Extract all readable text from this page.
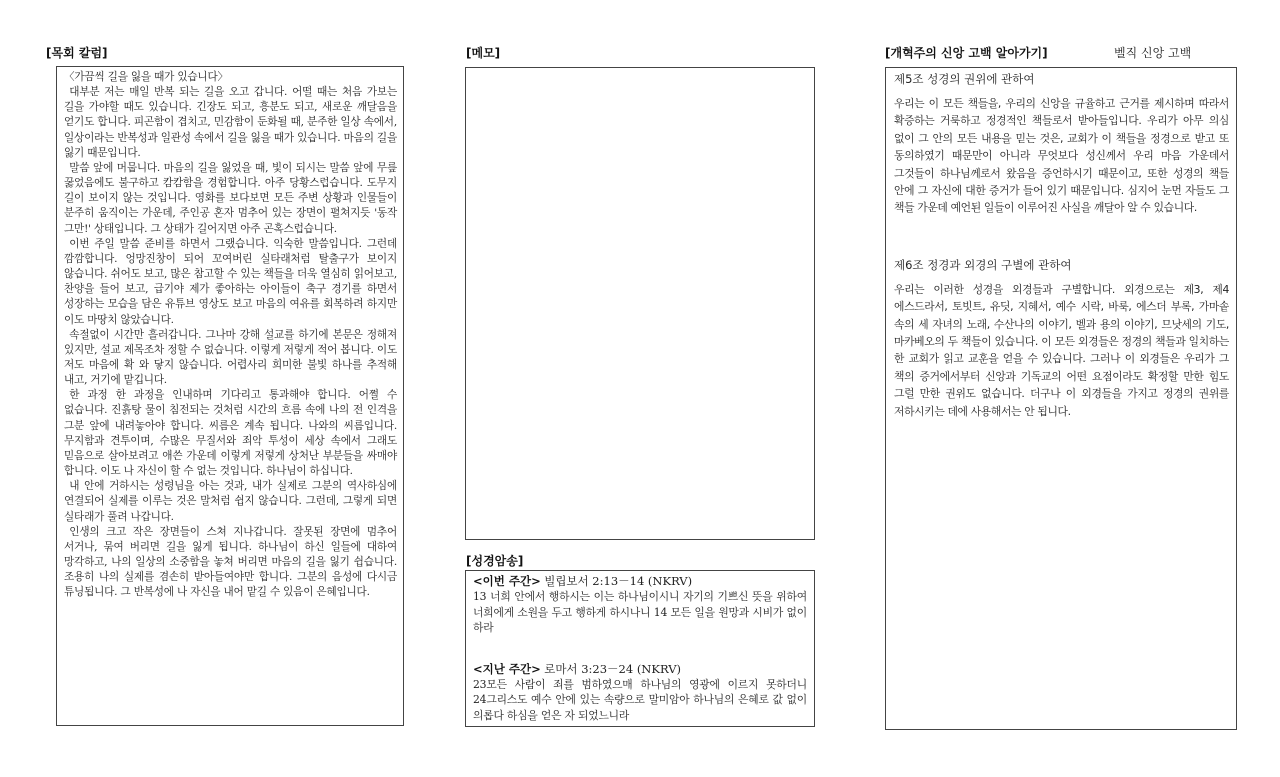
[목회 칼럼]

〈가끔씩 길을 잃을 때가 있습니다〉

대부분 저는 매일 반복 되는 길을 오고 갑니다. 어떨 때는 처음 가보는 길을 가야할 때도 있습니다. 긴장도 되고, 흥분도 되고, 새로운 깨달음을 얻기도 합니다. 피곤함이 겹치고, 민감함이 둔화될 때, 분주한 일상 속에서, 일상이라는 반복성과 일관성 속에서 길을 잃을 때가 있습니다. 마음의 길을 잃기 때문입니다.

말씀 앞에 머뭅니다. 마음의 길을 잃었을 때, 빛이 되시는 말씀 앞에 무릎 꿇었음에도 불구하고 캄캄함을 경험합니다. 아주 당황스럽습니다. 도무지 길이 보이지 않는 것입니다. 영화를 보다보면 모든 주변 상황과 인물들이 분주히 움직이는 가운데, 주인공 혼자 멈추어 있는 장면이 펼쳐지듯 '동작 그만!' 상태입니다. 그 상태가 길어지면 아주 곤혹스럽습니다.

이번 주일 말씀 준비를 하면서 그랬습니다. 익숙한 말씀입니다. 그런데 깜깜합니다. 엉망진창이 되어 꼬여버린 실타래처럼 탈출구가 보이지 않습니다. 쉬어도 보고, 많은 참고할 수 있는 책들을 더욱 열심히 읽어보고, 찬양을 들어 보고, 급기야 제가 좋아하는 아이들이 축구 경기를 하면서 성장하는 모습을 담은 유튜브 영상도 보고 마음의 여유를 회복하려 하지만 이도 마땅치 않았습니다.

속절없이 시간만 흘러갑니다. 그나마 강해 설교를 하기에 본문은 정해져 있지만, 설교 제목조차 정할 수 없습니다. 이렇게 저렇게 적어 봅니다. 이도 저도 마음에 확 와 닿지 않습니다. 어렵사리 희미한 불빛 하나를 추적해 내고, 거기에 맡깁니다.

한 과정 한 과정을 인내하며 기다리고 통과해야 합니다. 어쩔 수 없습니다. 진흙탕 물이 침전되는 것처럼 시간의 흐름 속에 나의 전 인격을 그분 앞에 내려놓아야 합니다. 씨름은 계속 됩니다. 나와의 씨름입니다. 무지함과 견투이며, 수많은 무질서와 죄악 투성이 세상 속에서 그래도 믿음으로 살아보려고 애쓴 가운데 이렇게 저렇게 상처난 부분들을 싸매야 합니다. 이도 나 자신이 할 수 없는 것입니다. 하나님이 하십니다.

내 안에 거하시는 성령님을 아는 것과, 내가 실제로 그분의 역사하심에 연결되어 실제를 이루는 것은 말처럼 쉽지 않습니다. 그런데, 그렇게 되면 실타래가 풀려 나갑니다.

인생의 크고 작은 장면들이 스쳐 지나갑니다. 잘못된 장면에 멈추어 서거나, 묶여 버리면 길을 잃게 됩니다. 하나님이 하신 일들에 대하여 망각하고, 나의 일상의 소중함을 놓쳐 버리면 마음의 길을 잃기 쉽습니다. 조용히 나의 실제를 겸손히 받아들여야만 합니다. 그분의 음성에 다시금 튜닝됩니다. 그 반복성에 나 자신을 내어 맡길 수 있음이 은혜입니다.

[메모]
[성경암송]
<이번 주간> 빌립보서 2:13－14 (NKRV)

13 너희 안에서 행하시는 이는 하나님이시니 자기의 기쁘신 뜻을 위하여 너희에게 소원을 두고 행하게 하시나니 14 모든 일을 원망과 시비가 없이 하라

<지난 주간> 로마서 3:23－24 (NKRV)

23모든 사람이 죄를 범하였으매 하나님의 영광에 이르지 못하더니 24그리스도 예수 안에 있는 속량으로 말미암아 하나님의 은혜로 값 없이 의롭다 하심을 얻은 자 되었느니라

[개혁주의 신앙 고백 알아가기]	벨직 신앙 고백

제5조 성경의 권위에 관하여

우리는 이 모든 책들을, 우리의 신앙을 규율하고 근거를 제시하며 따라서 확증하는 거룩하고 정경적인 책들로서 받아들입니다. 우리가 아무 의심 없이 그 안의 모든 내용을 믿는 것은, 교회가 이 책들을 정경으로 받고 또 동의하였기 때문만이 아니라 무엇보다 성신께서 우리 마음 가운데서 그것들이 하나님께로서 왔음을 증언하시기 때문이고, 또한 성경의 책들 안에 그 자신에 대한 증거가 들어 있기 때문입니다. 심지어 눈먼 자들도 그 책들 가운데 예언된 일들이 이루어진 사실을 깨달아 알 수 있습니다.

제6조 정경과 외경의 구별에 관하여

우리는 이러한 성경을 외경들과 구별합니다. 외경으로는 제3, 제4 에스드라서, 토빗트, 유딧, 지혜서, 예수 시락, 바룩, 에스더 부록, 가마솥 속의 세 자녀의 노래, 수산나의 이야기, 벨과 용의 이야기, 므낫세의 기도, 마카베오의 두 책들이 있습니다. 이 모든 외경들은 정경의 책들과 일치하는 한 교회가 읽고 교훈을 얻을 수 있습니다. 그러나 이 외경들은 우리가 그 책의 증거에서부터 신앙과 기독교의 어떤 요점이라도 확정할 만한 힘도 그럴 만한 권위도 없습니다. 더구나 이 외경들을 가지고 정경의 권위를 저하시키는 데에 사용해서는 안 됩니다.
